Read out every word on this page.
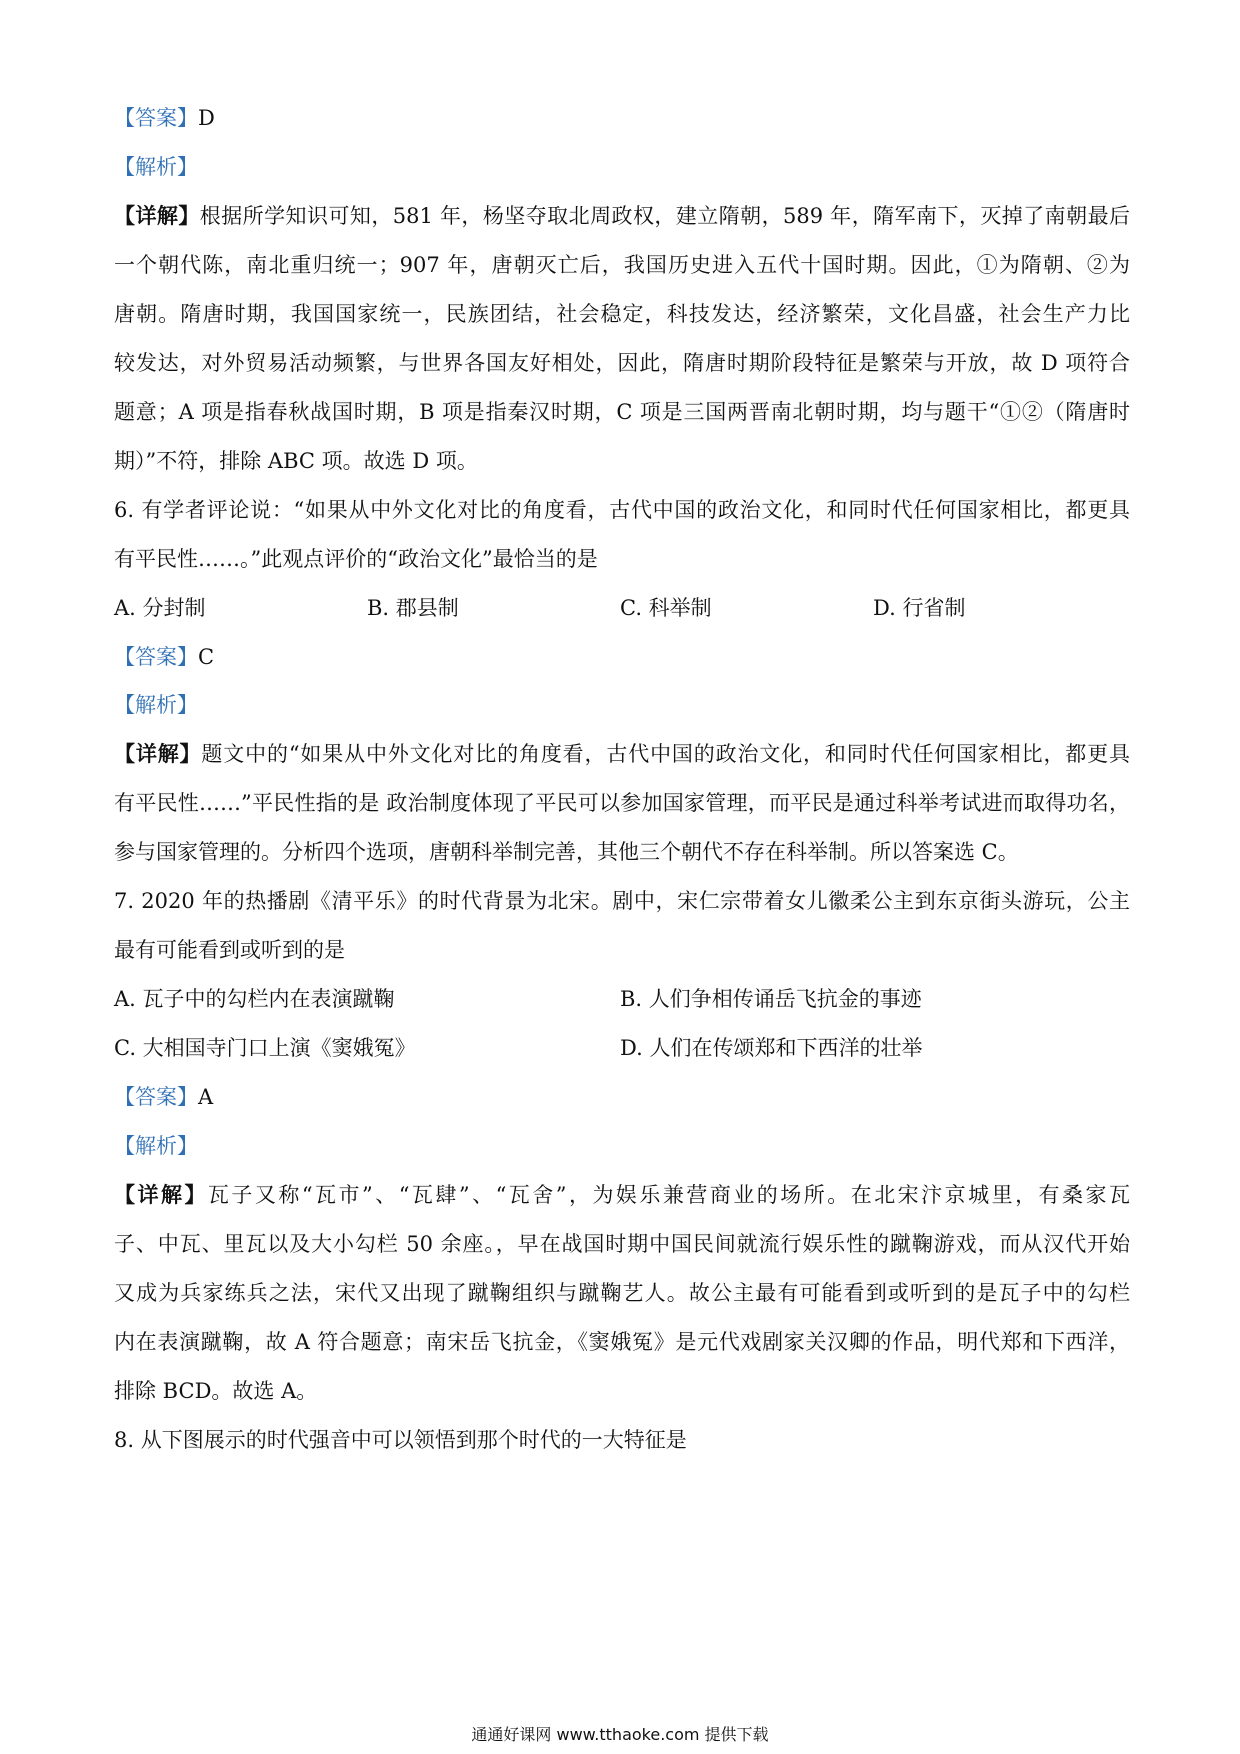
【答案】D
【解析】
【详解】根据所学知识可知，581 年，杨坚夺取北周政权，建立隋朝，589 年，隋军南下，灭掉了南朝最后
一个朝代陈，南北重归统一；907 年，唐朝灭亡后，我国历史进入五代十国时期。因此，①为隋朝、②为
唐朝。隋唐时期，我国国家统一，民族团结，社会稳定，科技发达，经济繁荣，文化昌盛，社会生产力比
较发达，对外贸易活动频繁，与世界各国友好相处，因此，隋唐时期阶段特征是繁荣与开放，故 D 项符合
题意；A 项是指春秋战国时期，B 项是指秦汉时期，C 项是三国两晋南北朝时期，均与题干“①②（隋唐时
期）”不符，排除 ABC 项。故选 D 项。
6. 有学者评论说：“如果从中外文化对比的角度看，古代中国的政治文化，和同时代任何国家相比，都更具
有平民性……。”此观点评价的“政治文化”最恰当的是
A. 分封制	B. 郡县制	C. 科举制	D. 行省制
【答案】C
【解析】
【详解】题文中的“如果从中外文化对比的角度看，古代中国的政治文化，和同时代任何国家相比，都更具
有平民性……”平民性指的是 政治制度体现了平民可以参加国家管理，而平民是通过科举考试进而取得功名，
参与国家管理的。分析四个选项，唐朝科举制完善，其他三个朝代不存在科举制。所以答案选 C。
7. 2020 年的热播剧《清平乐》的时代背景为北宋。剧中，宋仁宗带着女儿徽柔公主到东京街头游玩，公主
最有可能看到或听到的是
A. 瓦子中的勾栏内在表演蹴鞠	B. 人们争相传诵岳飞抗金的事迹
C. 大相国寺门口上演《窦娥冤》	D. 人们在传颂郑和下西洋的壮举
【答案】A
【解析】
【详解】瓦子又称“瓦市”、“瓦肆”、“瓦舍”，为娱乐兼营商业的场所。在北宋汴京城里，有桑家瓦
子、中瓦、里瓦以及大小勾栏 50 余座。，早在战国时期中国民间就流行娱乐性的蹴鞠游戏，而从汉代开始
又成为兵家练兵之法，宋代又出现了蹴鞠组织与蹴鞠艺人。故公主最有可能看到或听到的是瓦子中的勾栏
内在表演蹴鞠，故 A 符合题意；南宋岳飞抗金，《窦娥冤》是元代戏剧家关汉卿的作品，明代郑和下西洋，
排除 BCD。故选 A。
8. 从下图展示的时代强音中可以领悟到那个时代的一大特征是
通通好课网 www.tthaoke.com 提供下载
